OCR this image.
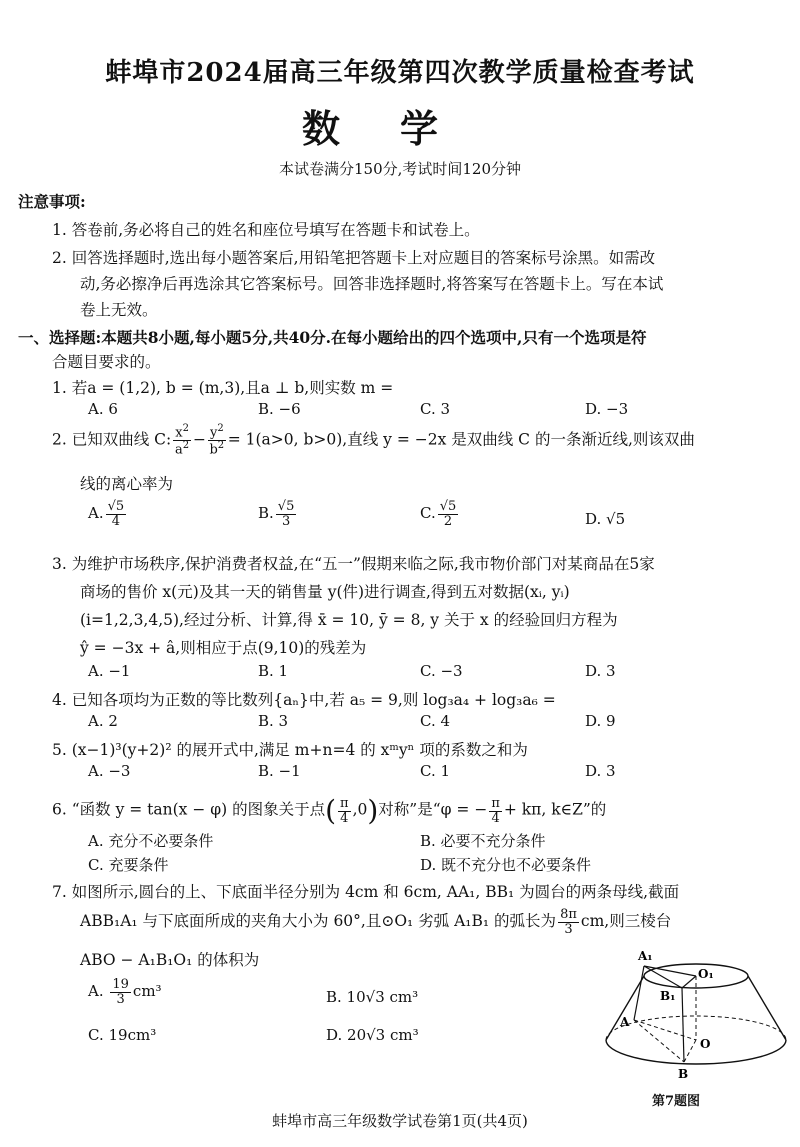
蚌埠市2024届高三年级第四次教学质量检查考试
数学
本试卷满分150分,考试时间120分钟
注意事项:
1. 答卷前,务必将自己的姓名和座位号填写在答题卡和试卷上。
2. 回答选择题时,选出每小题答案后,用铅笔把答题卡上对应题目的答案标号涂黑。如需改
动,务必擦净后再选涂其它答案标号。回答非选择题时,将答案写在答题卡上。写在本试
卷上无效。
一、选择题:本题共8小题,每小题5分,共40分.在每小题给出的四个选项中,只有一个选项是符
合题目要求的。
1. 若a = (1,2), b = (m,3),且a ⊥ b,则实数 m =
A. 6	B. −6	C. 3	D. −3
2. 已知双曲线 C: $\frac{x^2}{a^2} - \frac{y^2}{b^2} = 1(a>0$, b>0),直线 y = −2x 是双曲线 C 的一条渐近线,则该双曲
线的离心率为
A. $\frac{√5}{4}$	B. $\frac{√5}{3}$	C. $\frac{√5}{2}$	D. √5
3. 为维护市场秩序,保护消费者权益,在“五一”假期来临之际,我市物价部门对某商品在5家
商场的售价 x(元)及其一天的销售量 y(件)进行调查,得到五对数据(xᵢ, yᵢ)
(i=1,2,3,4,5),经过分析、计算,得 x̄ = 10, ȳ = 8, y 关于 x 的经验回归方程为
ŷ = −3x + â,则相应于点(9,10)的残差为
A. −1	B. 1	C. −3	D. 3
4. 已知各项均为正数的等比数列{aₙ}中,若 a₅ = 9,则 log₃a₄ + log₃a₆ =
A. 2	B. 3	C. 4	D. 9
5. (x−1)³(y+2)² 的展开式中,满足 m+n=4 的 xᵐyⁿ 项的系数之和为
A. −3	B. −1	C. 1	D. 3
6. “函数 y = tan(x − φ) 的图象关于点( $\frac{\pi}{4} ,0$)对称”是“φ = − $\frac{\pi}{4} + k\pi$, k∈Z”的
A. 充分不必要条件	B. 必要不充分条件
C. 充要条件	D. 既不充分也不必要条件
7. 如图所示,圆台的上、下底面半径分别为 4cm 和 6cm, AA₁, BB₁ 为圆台的两条母线,截面
ABB₁A₁ 与下底面所成的夹角大小为 60°,且⊙O₁ 劣弧 A₁B₁ 的弧长为 $\frac{8\pi}{3}$ cm,则三棱台
ABO − A₁B₁O₁ 的体积为
A. $\frac{19}{3} cm^3$	B. 10√3 cm³
C. 19cm³	D. 20√3 cm³
A₁
O₁
B₁
A
O
B
第7题图
蚌埠市高三年级数学试卷第1页(共4页)
